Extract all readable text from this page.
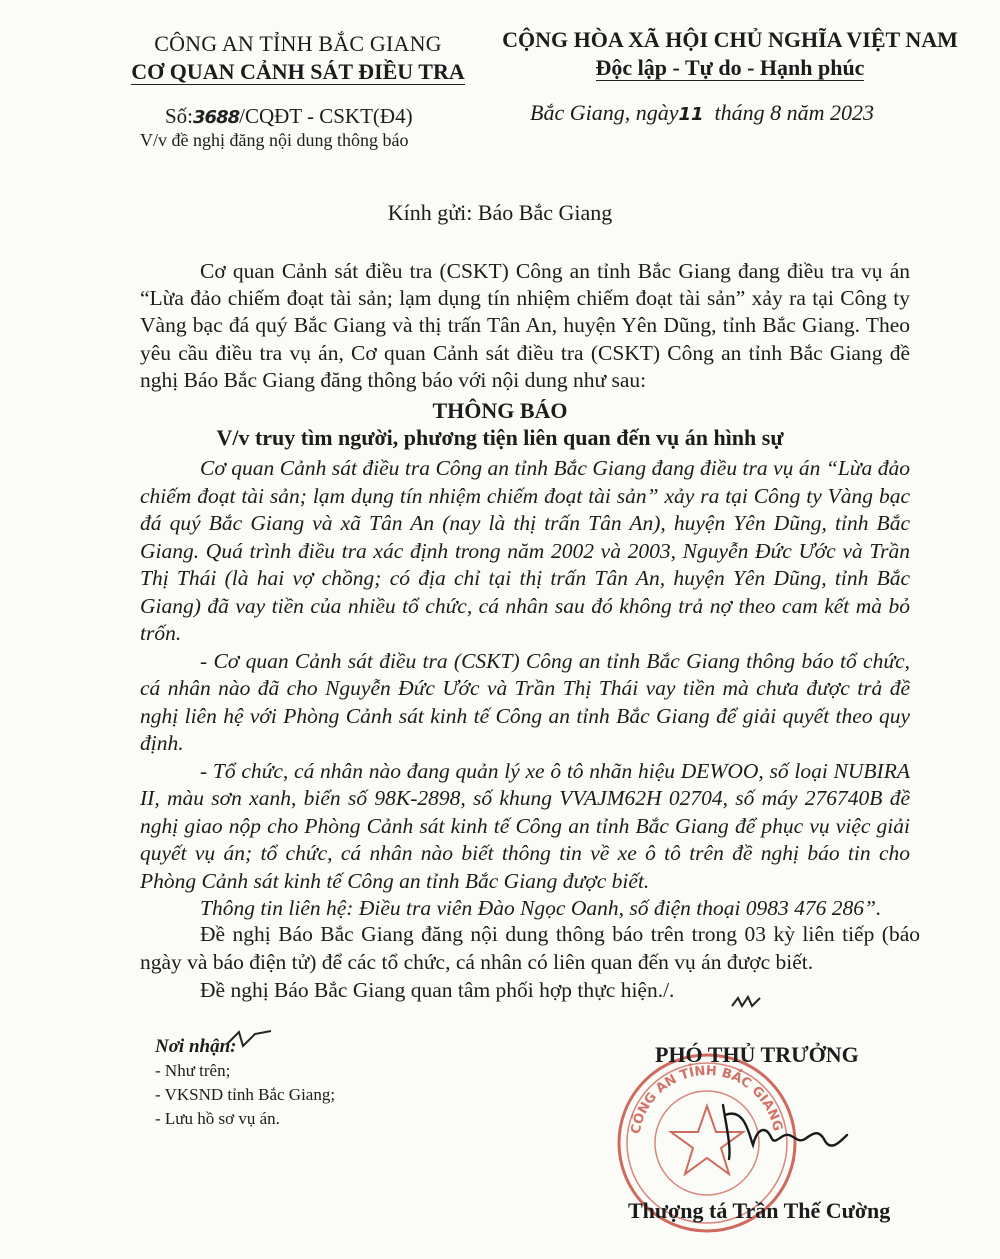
CÔNG AN TỈNH BẮC GIANG
CƠ QUAN CẢNH SÁT ĐIỀU TRA
CỘNG HÒA XÃ HỘI CHỦ NGHĨA VIỆT NAM
Độc lập - Tự do - Hạnh phúc
Số:3688/CQĐT - CSKT(Đ4)
V/v đề nghị đăng nội dung thông báo
Bắc Giang, ngày11 tháng 8 năm 2023
Kính gửi: Báo Bắc Giang
Cơ quan Cảnh sát điều tra (CSKT) Công an tỉnh Bắc Giang đang điều tra vụ án “Lừa đảo chiếm đoạt tài sản; lạm dụng tín nhiệm chiếm đoạt tài sản” xảy ra tại Công ty Vàng bạc đá quý Bắc Giang và thị trấn Tân An, huyện Yên Dũng, tỉnh Bắc Giang. Theo yêu cầu điều tra vụ án, Cơ quan Cảnh sát điều tra (CSKT) Công an tỉnh Bắc Giang đề nghị Báo Bắc Giang đăng thông báo với nội dung như sau:
THÔNG BÁO
V/v truy tìm người, phương tiện liên quan đến vụ án hình sự

Cơ quan Cảnh sát điều tra Công an tỉnh Bắc Giang đang điều tra vụ án “Lừa đảo chiếm đoạt tài sản; lạm dụng tín nhiệm chiếm đoạt tài sản” xảy ra tại Công ty Vàng bạc đá quý Bắc Giang và xã Tân An (nay là thị trấn Tân An), huyện Yên Dũng, tỉnh Bắc Giang. Quá trình điều tra xác định trong năm 2002 và 2003, Nguyễn Đức Ước và Trần Thị Thái (là hai vợ chồng; có địa chỉ tại thị trấn Tân An, huyện Yên Dũng, tỉnh Bắc Giang) đã vay tiền của nhiều tổ chức, cá nhân sau đó không trả nợ theo cam kết mà bỏ trốn.

- Cơ quan Cảnh sát điều tra (CSKT) Công an tỉnh Bắc Giang thông báo tổ chức, cá nhân nào đã cho Nguyễn Đức Ước và Trần Thị Thái vay tiền mà chưa được trả đề nghị liên hệ với Phòng Cảnh sát kinh tế Công an tỉnh Bắc Giang để giải quyết theo quy định.

- Tổ chức, cá nhân nào đang quản lý xe ô tô nhãn hiệu DEWOO, số loại NUBIRA II, màu sơn xanh, biển số 98K-2898, số khung VVAJM62H 02704, số máy 276740B đề nghị giao nộp cho Phòng Cảnh sát kinh tế Công an tỉnh Bắc Giang để phục vụ việc giải quyết vụ án; tổ chức, cá nhân nào biết thông tin về xe ô tô trên đề nghị báo tin cho Phòng Cảnh sát kinh tế Công an tỉnh Bắc Giang được biết.

Thông tin liên hệ: Điều tra viên Đào Ngọc Oanh, số điện thoại 0983 476 286”.

Đề nghị Báo Bắc Giang đăng nội dung thông báo trên trong 03 kỳ liên tiếp (báo ngày và báo điện tử) để các tổ chức, cá nhân có liên quan đến vụ án được biết.

Đề nghị Báo Bắc Giang quan tâm phối hợp thực hiện./.

Nơi nhận:
- Như trên;
- VKSND tỉnh Bắc Giang;
- Lưu hồ sơ vụ án.
CÔNG AN TỈNH BẮC GIANG
PHÓ THỦ TRƯỞNG
Thượng tá Trần Thế Cường
